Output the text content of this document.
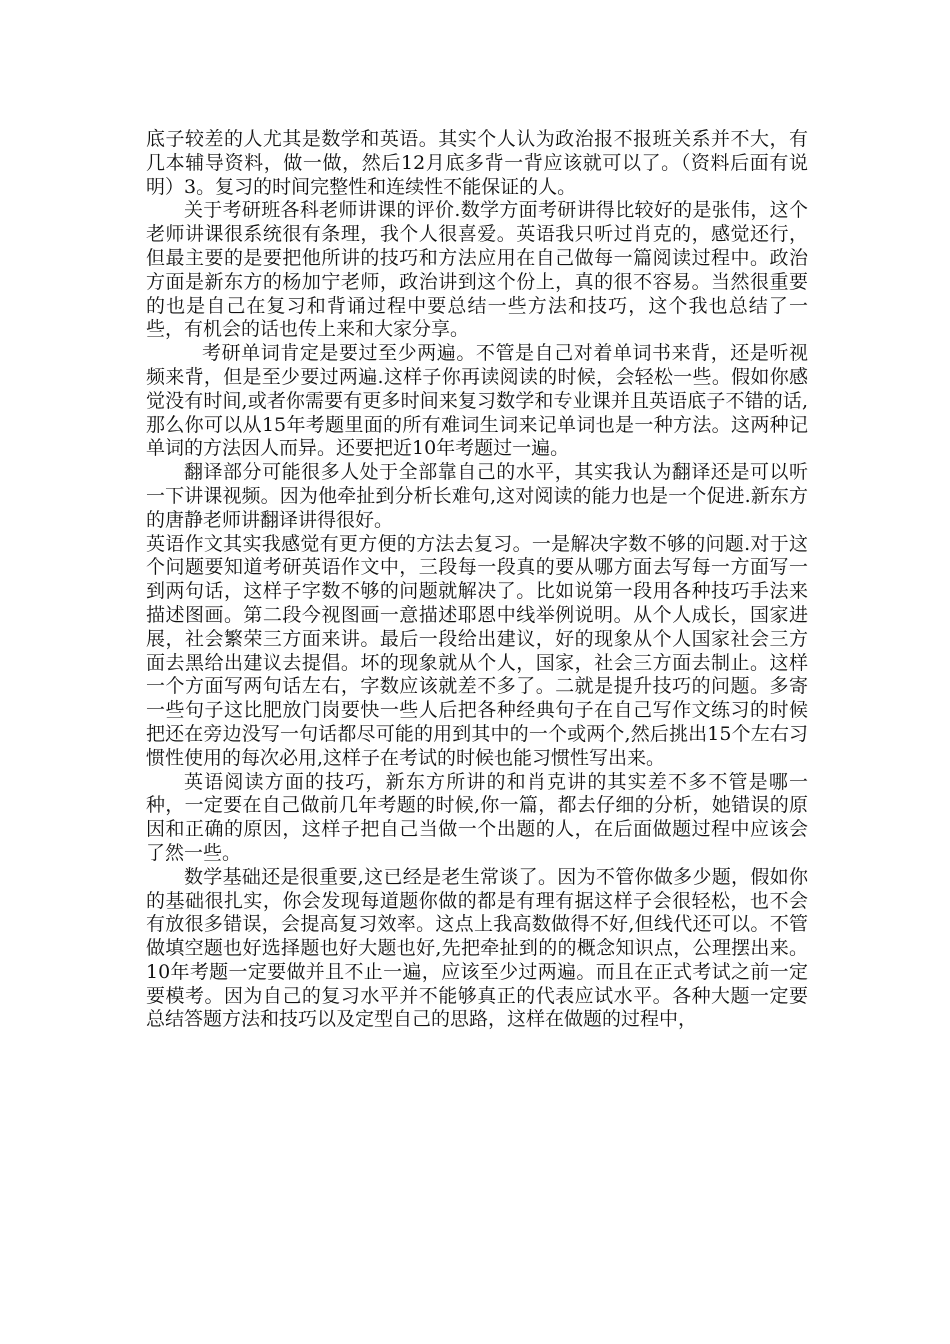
底子较差的人尤其是数学和英语。其实个人认为政治报不报班关系并不大，有几本辅导资料，做一做，然后12月底多背一背应该就可以了。（资料后面有说明）3。复习的时间完整性和连续性不能保证的人。

关于考研班各科老师讲课的评价.数学方面考研讲得比较好的是张伟，这个老师讲课很系统很有条理，我个人很喜爱。英语我只听过肖克的，感觉还行，但最主要的是要把他所讲的技巧和方法应用在自己做每一篇阅读过程中。政治方面是新东方的杨加宁老师，政治讲到这个份上，真的很不容易。当然很重要的也是自己在复习和背诵过程中要总结一些方法和技巧，这个我也总结了一些，有机会的话也传上来和大家分享。

考研单词肯定是要过至少两遍。不管是自己对着单词书来背，还是听视频来背，但是至少要过两遍.这样子你再读阅读的时候，会轻松一些。假如你感觉没有时间,或者你需要有更多时间来复习数学和专业课并且英语底子不错的话,那么你可以从15年考题里面的所有难词生词来记单词也是一种方法。这两种记单词的方法因人而异。还要把近10年考题过一遍。

翻译部分可能很多人处于全部靠自己的水平，其实我认为翻译还是可以听一下讲课视频。因为他牵扯到分析长难句,这对阅读的能力也是一个促进.新东方的唐静老师讲翻译讲得很好。

英语作文其实我感觉有更方便的方法去复习。一是解决字数不够的问题.对于这个问题要知道考研英语作文中，三段每一段真的要从哪方面去写每一方面写一到两句话，这样子字数不够的问题就解决了。比如说第一段用各种技巧手法来描述图画。第二段今视图画一意描述耶恩中线举例说明。从个人成长，国家进展，社会繁荣三方面来讲。最后一段给出建议，好的现象从个人国家社会三方面去黑给出建议去提倡。坏的现象就从个人，国家，社会三方面去制止。这样一个方面写两句话左右，字数应该就差不多了。二就是提升技巧的问题。多寄一些句子这比肥放门岗要快一些人后把各种经典句子在自己写作文练习的时候把还在旁边没写一句话都尽可能的用到其中的一个或两个,然后挑出15个左右习惯性使用的每次必用,这样子在考试的时候也能习惯性写出来。

英语阅读方面的技巧，新东方所讲的和肖克讲的其实差不多不管是哪一种，一定要在自己做前几年考题的时候,你一篇，都去仔细的分析，她错误的原因和正确的原因，这样子把自己当做一个出题的人，在后面做题过程中应该会了然一些。

数学基础还是很重要,这已经是老生常谈了。因为不管你做多少题，假如你的基础很扎实，你会发现每道题你做的都是有理有据这样子会很轻松，也不会有放很多错误，会提高复习效率。这点上我高数做得不好,但线代还可以。不管做填空题也好选择题也好大题也好,先把牵扯到的的概念知识点，公理摆出来。10年考题一定要做并且不止一遍，应该至少过两遍。而且在正式考试之前一定要模考。因为自己的复习水平并不能够真正的代表应试水平。各种大题一定要总结答题方法和技巧以及定型自己的思路，这样在做题的过程中，
